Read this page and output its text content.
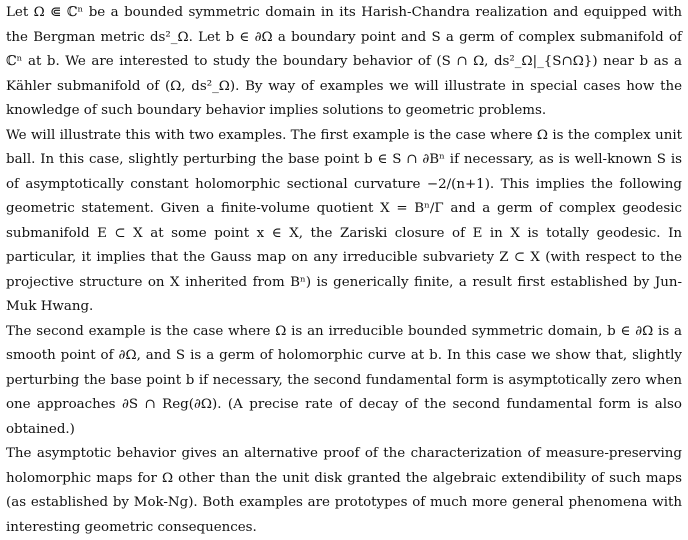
Let Ω ⋐ ℂⁿ be a bounded symmetric domain in its Harish-Chandra realization and equipped with the Bergman metric ds²_Ω. Let b ∈ ∂Ω a boundary point and S a germ of complex submanifold of ℂⁿ at b. We are interested to study the boundary behavior of (S ∩ Ω, ds²_Ω|_{S∩Ω}) near b as a Kähler submanifold of (Ω, ds²_Ω). By way of examples we will illustrate in special cases how the knowledge of such boundary behavior implies solutions to geometric problems.

We will illustrate this with two examples. The first example is the case where Ω is the complex unit ball. In this case, slightly perturbing the base point b ∈ S ∩ ∂Bⁿ if necessary, as is well-known S is of asymptotically constant holomorphic sectional curvature −2/(n+1). This implies the following geometric statement. Given a finite-volume quotient X = Bⁿ/Γ and a germ of complex geodesic submanifold E ⊂ X at some point x ∈ X, the Zariski closure of E in X is totally geodesic. In particular, it implies that the Gauss map on any irreducible subvariety Z ⊂ X (with respect to the projective structure on X inherited from Bⁿ) is generically finite, a result first established by Jun-Muk Hwang.

The second example is the case where Ω is an irreducible bounded symmetric domain, b ∈ ∂Ω is a smooth point of ∂Ω, and S is a germ of holomorphic curve at b. In this case we show that, slightly perturbing the base point b if necessary, the second fundamental form is asymptotically zero when one approaches ∂S ∩ Reg(∂Ω). (A precise rate of decay of the second fundamental form is also obtained.)

The asymptotic behavior gives an alternative proof of the characterization of measure-preserving holomorphic maps for Ω other than the unit disk granted the algebraic extendibility of such maps (as established by Mok-Ng). Both examples are prototypes of much more general phenomena with interesting geometric consequences.
